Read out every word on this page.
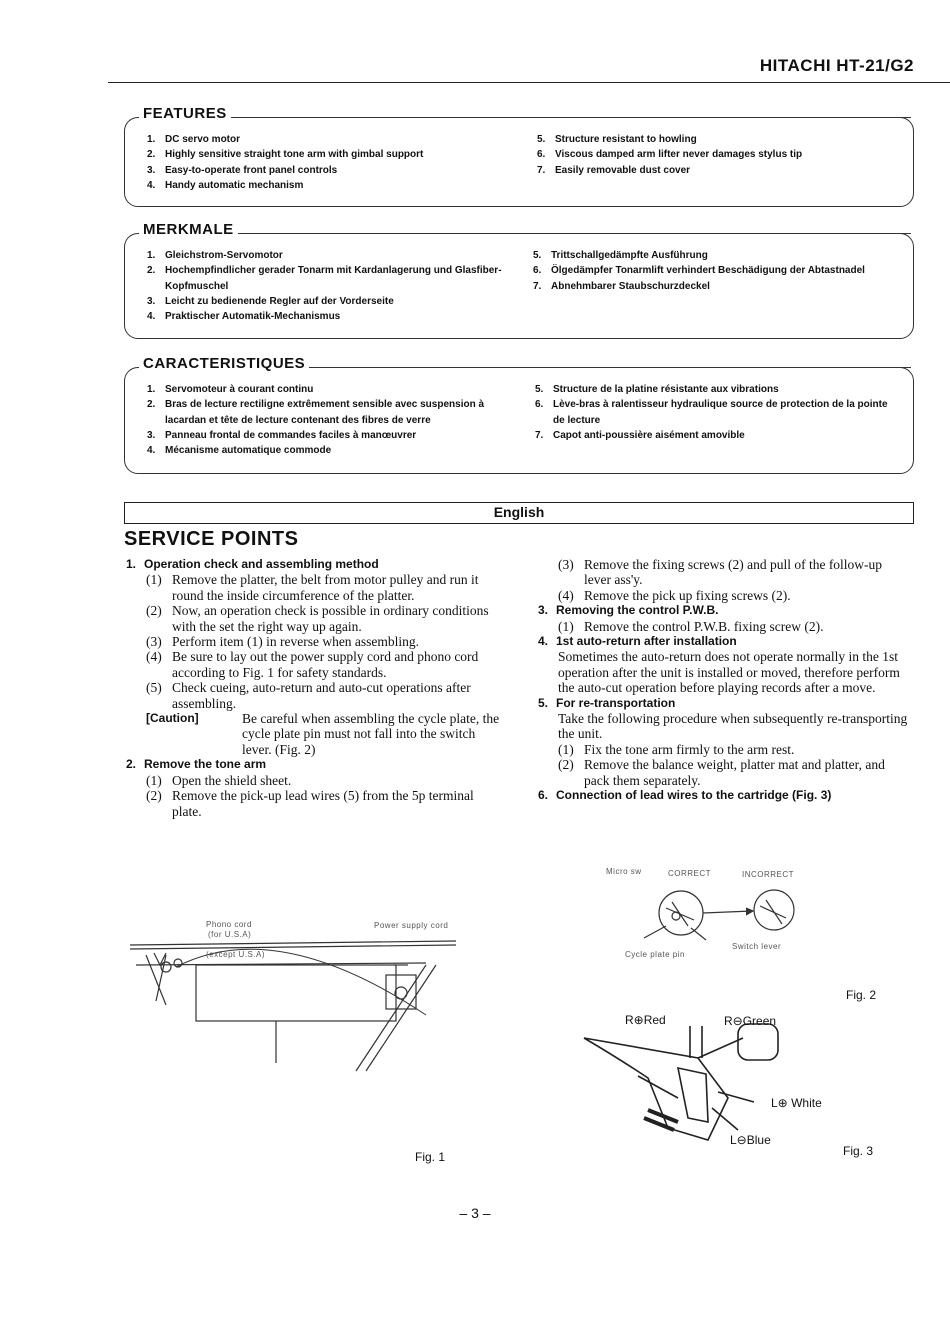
HITACHI HT-21/G2
FEATURES
1. DC servo motor
2. Highly sensitive straight tone arm with gimbal support
3. Easy-to-operate front panel controls
4. Handy automatic mechanism
5. Structure resistant to howling
6. Viscous damped arm lifter never damages stylus tip
7. Easily removable dust cover
MERKMALE
1. Gleichstrom-Servomotor
2. Hochempfindlicher gerader Tonarm mit Kardanlagerung und Glasfiber-Kopfmuschel
3. Leicht zu bedienende Regler auf der Vorderseite
4. Praktischer Automatik-Mechanismus
5. Trittschallgedämpfte Ausführung
6. Ölgedämpfer Tonarmlift verhindert Beschädigung der Abtastnadel
7. Abnehmbarer Staubschurzdeckel
CARACTERISTIQUES
1. Servomoteur à courant continu
2. Bras de lecture rectiligne extrêmement sensible avec suspension à lacardan et tête de lecture contenant des fibres de verre
3. Panneau frontal de commandes faciles à manœuvrer
4. Mécanisme automatique commode
5. Structure de la platine résistante aux vibrations
6. Lève-bras à ralentisseur hydraulique source de protection de la pointe de lecture
7. Capot anti-poussière aisément amovible
English
SERVICE POINTS
1. Operation check and assembling method
(1) Remove the platter, the belt from motor pulley and run it round the inside circumference of the platter.
(2) Now, an operation check is possible in ordinary conditions with the set the right way up again.
(3) Perform item (1) in reverse when assembling.
(4) Be sure to lay out the power supply cord and phono cord according to Fig. 1 for safety standards.
(5) Check cueing, auto-return and auto-cut operations after assembling.
[Caution]	Be careful when assembling the cycle plate, the cycle plate pin must not fall into the switch lever. (Fig. 2)
2. Remove the tone arm
(1) Open the shield sheet.
(2) Remove the pick-up lead wires (5) from the 5p terminal plate.
(3) Remove the fixing screws (2) and pull of the follow-up lever ass'y.
(4) Remove the pick up fixing screws (2).
3. Removing the control P.W.B.
(1) Remove the control P.W.B. fixing screw (2).
4. 1st auto-return after installation
Sometimes the auto-return does not operate normally in the 1st operation after the unit is installed or moved, therefore perform the auto-cut operation before playing records after a move.
5. For re-transportation
Take the following procedure when subsequently re-transporting the unit.
(1) Fix the tone arm firmly to the arm rest.
(2) Remove the balance weight, platter mat and platter, and pack them separately.
6. Connection of lead wires to the cartridge (Fig. 3)
Phono cord
(for U.S.A)
(except U.S.A)
Power supply cord
Fig. 1
Micro sw	CORRECT	INCORRECT
Cycle plate pin
Switch lever
Fig. 2
R⊕Red	R⊖Green
L⊕ White
L⊖Blue
Fig. 3
– 3 –
